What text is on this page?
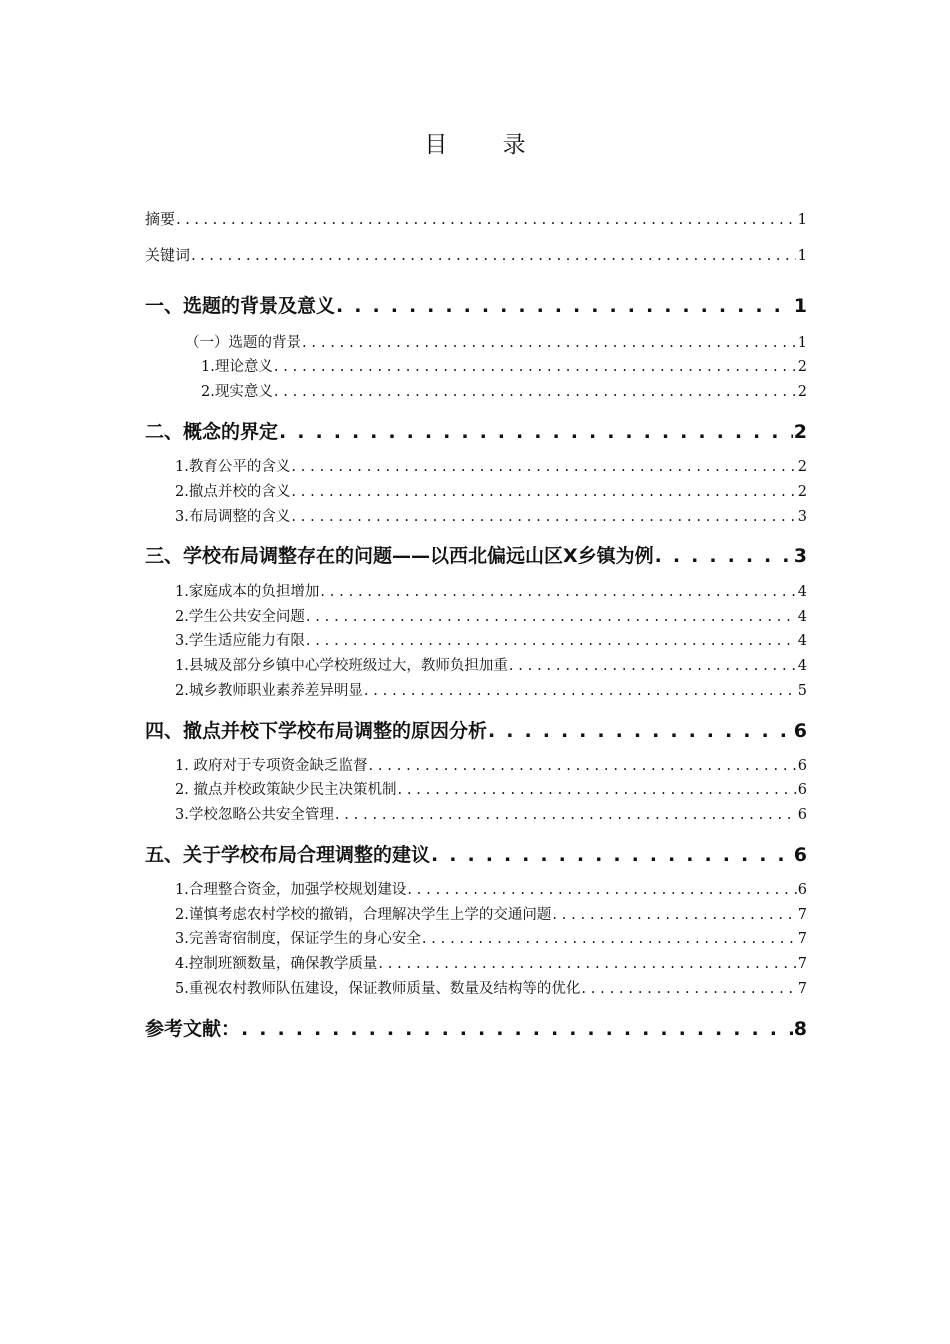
目 录
摘要 . . .	1
关键词 . . .	1
一、选题的背景及意义 . . .	1
（一）选题的背景 . . .	1
1.理论意义 . . .	2
2.现实意义 . . .	2
二、概念的界定 . . .	2
1.教育公平的含义 . . .	2
2.撤点并校的含义 . . .	2
3.布局调整的含义 . . .	3
三、学校布局调整存在的问题——以西北偏远山区X乡镇为例 . . .	3
1.家庭成本的负担增加 . . .	4
2.学生公共安全问题 . . .	4
3.学生适应能力有限 . . .	4
1.县城及部分乡镇中心学校班级过大，教师负担加重 . . .	4
2.城乡教师职业素养差异明显 . . .	5
四、撤点并校下学校布局调整的原因分析 . . .	6
1. 政府对于专项资金缺乏监督 . . .	6
2. 撤点并校政策缺少民主决策机制 . . .	6
3.学校忽略公共安全管理 . . .	6
五、关于学校布局合理调整的建议 . . .	6
1.合理整合资金，加强学校规划建设 . . .	6
2.谨慎考虑农村学校的撤销，合理解决学生上学的交通问题 . . .	7
3.完善寄宿制度，保证学生的身心安全 . . .	7
4.控制班额数量，确保教学质量 . . .	7
5.重视农村教师队伍建设，保证教师质量、数量及结构等的优化 . . .	7
参考文献： . . .	8
